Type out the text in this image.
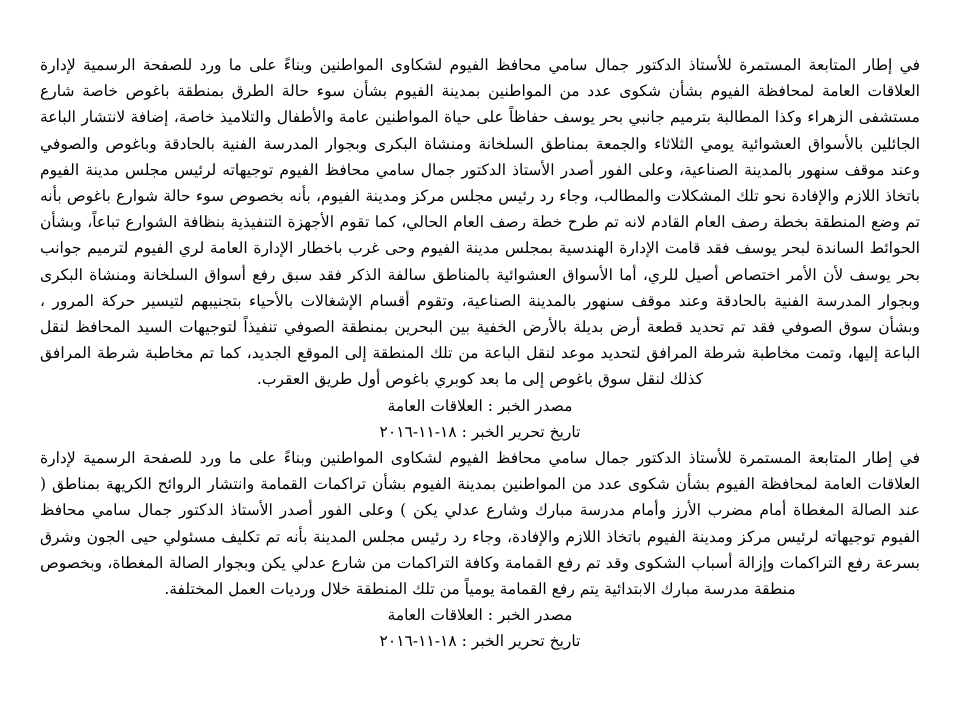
في إطار المتابعة المستمرة للأستاذ الدكتور جمال سامي محافظ الفيوم لشكاوى المواطنين وبناءً على ما ورد للصفحة الرسمية لإدارة العلاقات العامة لمحافظة الفيوم بشأن شكوى عدد من المواطنين بمدينة الفيوم بشأن سوء حالة الطرق بمنطقة باغوص خاصة شارع مستشفى الزهراء وكذا المطالبة بترميم جانبي بحر يوسف حفاظاً على حياة المواطنين عامة والأطفال والتلاميذ خاصة، إضافة لانتشار الباعة الجائلين بالأسواق العشوائية يومي الثلاثاء والجمعة بمناطق السلخانة ومنشاة البكرى وبجوار المدرسة الفنية بالحادقة وباغوص والصوفي وعند موقف سنهور بالمدينة الصناعية، وعلى الفور أصدر الأستاذ الدكتور جمال سامي محافظ الفيوم توجيهاته لرئيس مجلس مدينة الفيوم باتخاذ اللازم والإفادة نحو تلك المشكلات والمطالب، وجاء رد رئيس مجلس مركز ومدينة الفيوم، بأنه بخصوص سوء حالة شوارع باغوص بأنه تم وضع المنطقة بخطة رصف العام القادم لانه تم طرح خطة رصف العام الحالي، كما تقوم الأجهزة التنفيذية بنظافة الشوارع تباعاً، وبشأن الحوائط الساندة لبحر يوسف فقد قامت الإدارة الهندسية بمجلس مدينة الفيوم وحى غرب باخطار الإدارة العامة لري الفيوم لترميم جوانب بحر يوسف لأن الأمر اختصاص أصيل للري، أما الأسواق العشوائية بالمناطق سالفة الذكر فقد سبق رفع أسواق السلخانة ومنشاة البكرى وبجوار المدرسة الفنية بالحادقة وعند موقف سنهور بالمدينة الصناعية، وتقوم أقسام الإشغالات بالأحياء بتجنيبهم لتيسير حركة المرور ، وبشأن سوق الصوفي فقد تم تحديد قطعة أرض بديلة بالأرض الخفية بين البحرين بمنطقة الصوفي تنفيذاً لتوجيهات السيد المحافظ لنقل الباعة إليها، وتمت مخاطبة شرطة المرافق لتحديد موعد لنقل الباعة من تلك المنطقة إلى الموقع الجديد، كما تم مخاطبة شرطة المرافق كذلك لنقل سوق باغوص إلى ما بعد كوبري باغوص أول طريق العقرب.

مصدر الخبر : العلاقات العامة

تاريخ تحرير الخبر : ١٨-١١-٢٠١٦

في إطار المتابعة المستمرة للأستاذ الدكتور جمال سامي محافظ الفيوم لشكاوى المواطنين وبناءً على ما ورد للصفحة الرسمية لإدارة العلاقات العامة لمحافظة الفيوم بشأن شكوى عدد من المواطنين بمدينة الفيوم بشأن تراكمات القمامة وانتشار الروائح الكريهة بمناطق ( عند الصالة المغطاة أمام مضرب الأرز وأمام مدرسة مبارك وشارع عدلي يكن ) وعلى الفور أصدر الأستاذ الدكتور جمال سامي محافظ الفيوم توجيهاته لرئيس مركز ومدينة الفيوم باتخاذ اللازم والإفادة، وجاء رد رئيس مجلس المدينة بأنه تم تكليف مسئولي حيى الجون وشرق بسرعة رفع التراكمات وإزالة أسباب الشكوى وقد تم رفع القمامة وكافة التراكمات من شارع عدلي يكن وبجوار الصالة المغطاة، وبخصوص منطقة مدرسة مبارك الابتدائية يتم رفع القمامة يومياً من تلك المنطقة خلال ورديات العمل المختلفة.

مصدر الخبر : العلاقات العامة

تاريخ تحرير الخبر : ١٨-١١-٢٠١٦
